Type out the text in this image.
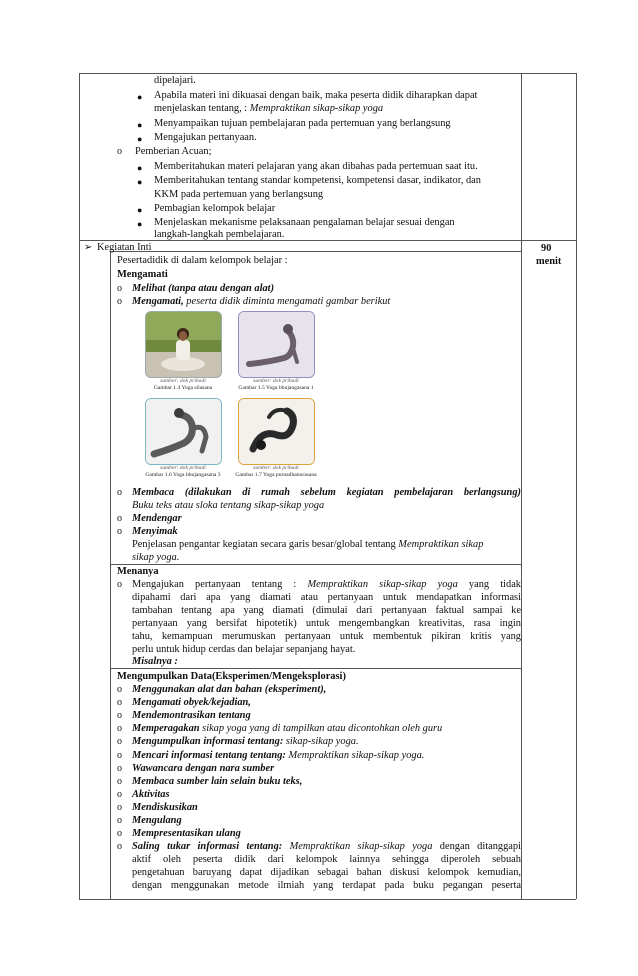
dipelajari.
● Apabila materi ini dikuasai dengan baik, maka peserta didik diharapkan dapat
menjelaskan tentang, : Mempraktikan sikap-sikap yoga
● Menyampaikan tujuan pembelajaran pada pertemuan yang berlangsung
● Mengajukan pertanyaan.
o Pemberian Acuan;
● Memberitahukan materi pelajaran yang akan dibahas pada pertemuan saat itu.
● Memberitahukan tentang standar kompetensi, kompetensi dasar, indikator, dan
KKM pada pertemuan yang berlangsung
● Pembagian kelompok belajar
● Menjelaskan mekanisme pelaksanaan pengalaman belajar sesuai dengan
langkah-langkah pembelajaran.
➢ Kegiatan Inti	90
menit
Pesertadidik di dalam kelompok belajar :
Mengamati
o Melihat (tanpa atau dengan alat)
o Mengamati, peserta didik diminta mengamati gambar berikut
sumber: dok pribadi
Gambar 1.4 Yoga silasana
sumber: dok pribadi
Gambar 1.5 Yoga bhujangasana 1
sumber: dok pribadi
Gambar 1.6 Yoga bhujangasana 3
sumber: dok pribadi
Gambar 1.7 Yoga purnadhanurasana
o Membaca (dilakukan di rumah sebelum kegiatan pembelajaran berlangsung)
Buku teks atau sloka tentang sikap-sikap yoga
o Mendengar
o Menyimak
Penjelasan pengantar kegiatan secara garis besar/global tentang Mempraktikan sikap
sikap yoga.
Menanya
o Mengajukan pertanyaan tentang : Mempraktikan sikap-sikap yoga yang tidak
dipahami dari apa yang diamati atau pertanyaan untuk mendapatkan informasi
tambahan tentang apa yang diamati (dimulai dari pertanyaan faktual sampai ke
pertanyaan yang bersifat hipotetik) untuk mengembangkan kreativitas, rasa ingin
tahu, kemampuan merumuskan pertanyaan untuk membentuk pikiran kritis yang
perlu untuk hidup cerdas dan belajar sepanjang hayat.
Misalnya :
Mengumpulkan Data(Eksperimen/Mengeksplorasi)
o Menggunakan alat dan bahan (eksperiment),
o Mengamati obyek/kejadian,
o Mendemontrasikan tentang
o Memperagakan sikap yoga yang di tampilkan atau dicontohkan oleh guru
o Mengumpulkan informasi tentang: sikap-sikap yoga.
o Mencari informasi tentang tentang: Mempraktikan sikap-sikap yoga.
o Wawancara dengan nara sumber
o Membaca sumber lain selain buku teks,
o Aktivitas
o Mendiskusikan
o Mengulang
o Mempresentasikan ulang
o Saling tukar informasi tentang: Mempraktikan sikap-sikap yoga dengan ditanggapi
aktif oleh peserta didik dari kelompok lainnya sehingga diperoleh sebuah
pengetahuan baruyang dapat dijadikan sebagai bahan diskusi kelompok kemudian,
dengan menggunakan metode ilmiah yang terdapat pada buku pegangan peserta
